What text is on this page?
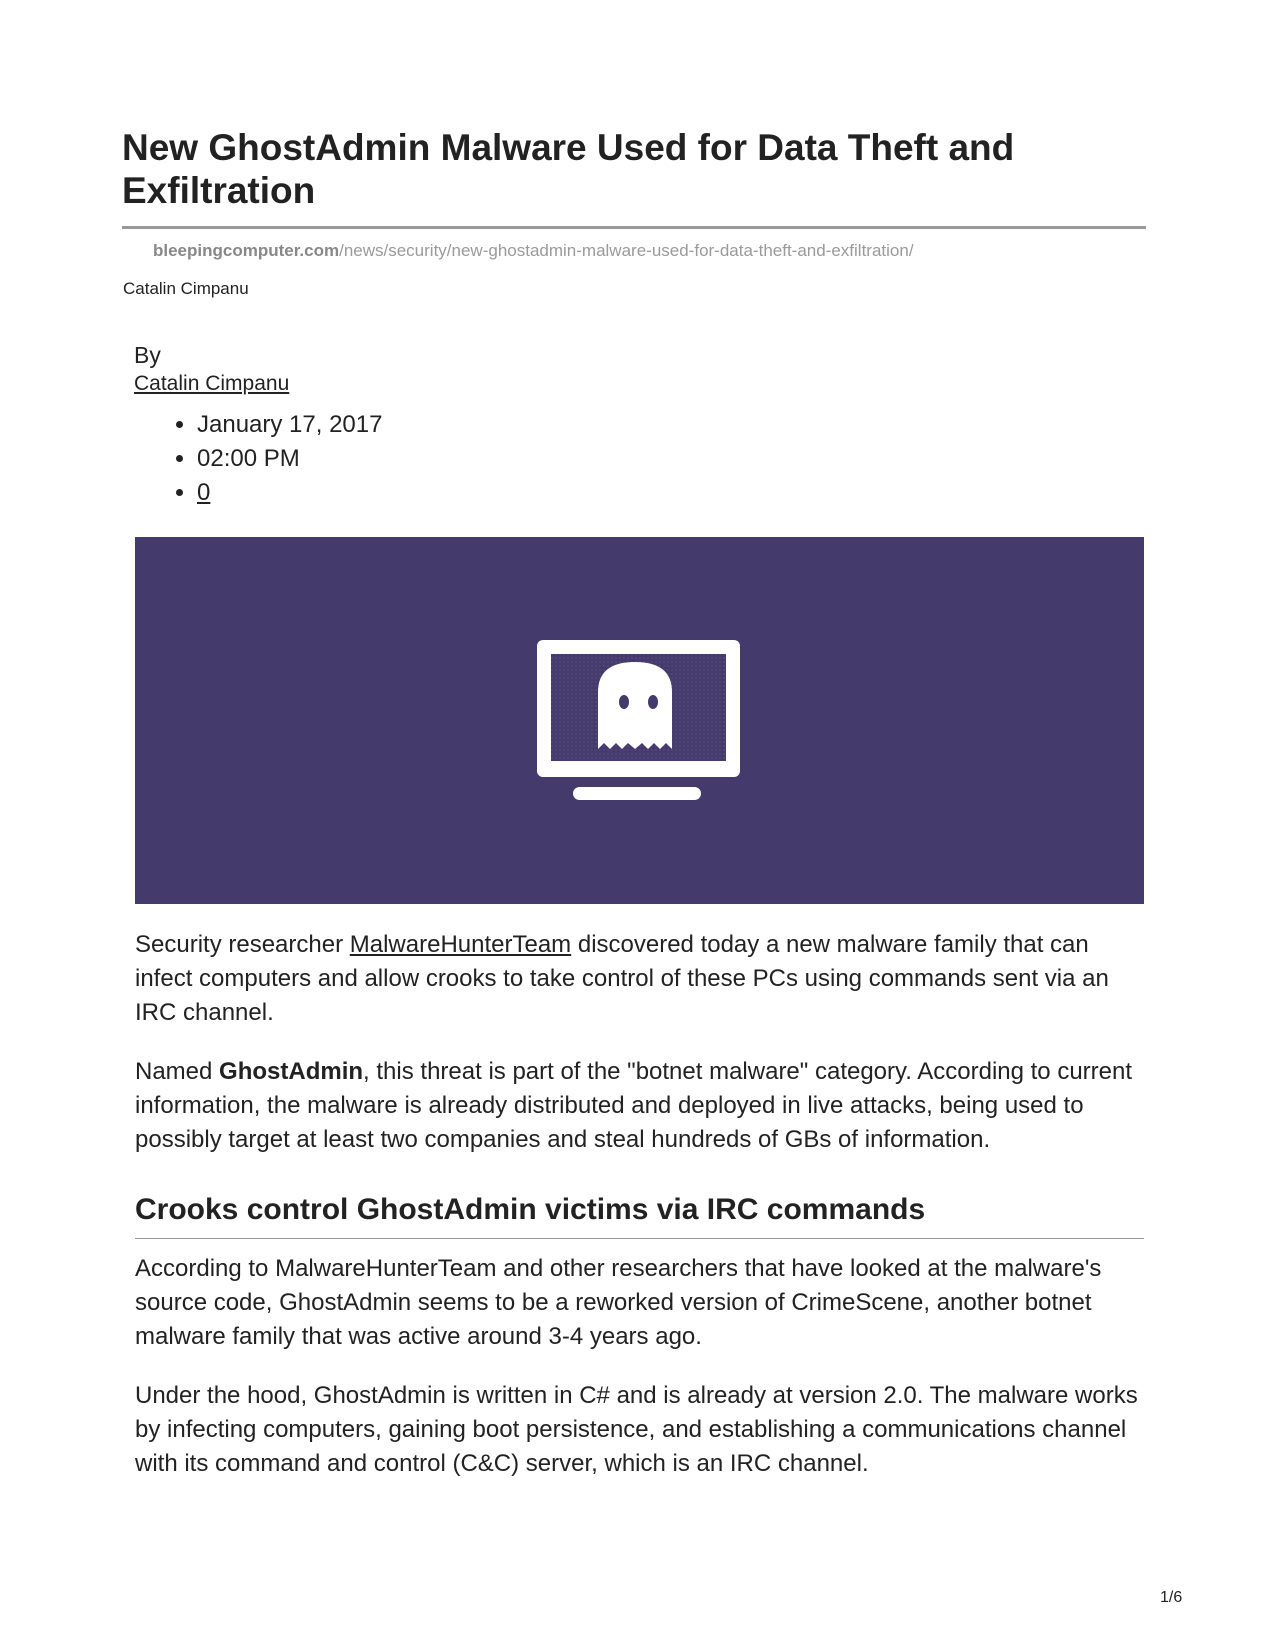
New GhostAdmin Malware Used for Data Theft and Exfiltration
bleepingcomputer.com/news/security/new-ghostadmin-malware-used-for-data-theft-and-exfiltration/
Catalin Cimpanu
By
Catalin Cimpanu
• January 17, 2017
• 02:00 PM
• 0

Security researcher MalwareHunterTeam discovered today a new malware family that can infect computers and allow crooks to take control of these PCs using commands sent via an IRC channel.

Named GhostAdmin, this threat is part of the "botnet malware" category. According to current information, the malware is already distributed and deployed in live attacks, being used to possibly target at least two companies and steal hundreds of GBs of information.

Crooks control GhostAdmin victims via IRC commands

According to MalwareHunterTeam and other researchers that have looked at the malware's source code, GhostAdmin seems to be a reworked version of CrimeScene, another botnet malware family that was active around 3-4 years ago.

Under the hood, GhostAdmin is written in C# and is already at version 2.0. The malware works by infecting computers, gaining boot persistence, and establishing a communications channel with its command and control (C&C) server, which is an IRC channel.

1/6
